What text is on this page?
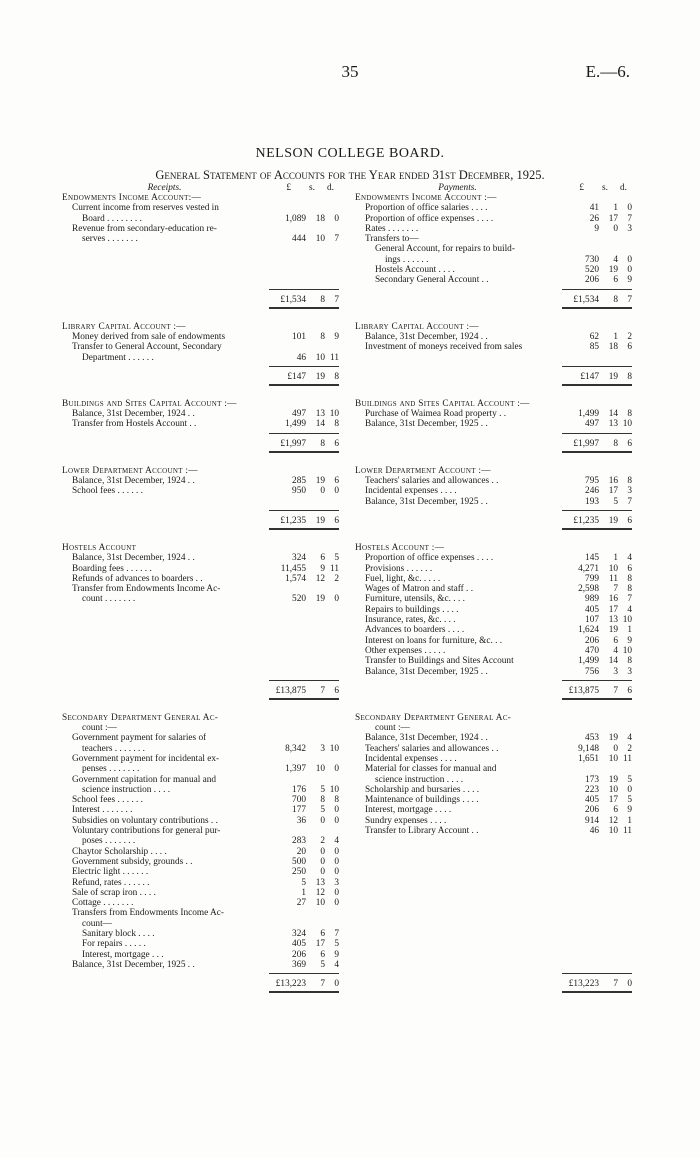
35	E.—6.
NELSON COLLEGE BOARD.
General Statement of Accounts for the Year ended 31st December, 1925.
Receipts.	£ s.	d.
Endowments Income Account:—
Current income from reserves vested in
Board . . . . . . . .	1,089	18	0
Revenue from secondary-education re-
serves . . . . . . .	444	10	7
£1,534	8	7
Library Capital Account :—
Money derived from sale of endowments	101	8	9
Transfer to General Account, Secondary
Department . . . . . .	46	10 11
£147	19	8
Buildings and Sites Capital Account :—
Balance, 31st December, 1924 . .	497	13 10
Transfer from Hostels Account . .	1,499	14	8
£1,997	8	6
Lower Department Account :—
Balance, 31st December, 1924 . .	285	19	6
School fees . . . . . .	950	0	0
£1,235	19	6
Hostels Account
Balance, 31st December, 1924 . .	324	6	5
Boarding fees . . . . . .	11,455	9 11
Refunds of advances to boarders . .	1,574	12	2
Transfer from Endowments Income Ac-
count . . . . . . .	520	19	0
£13,875	7	6
Secondary Department General Ac-
count :—
Government payment for salaries of
teachers . . . . . . .	8,342	3 10
Government payment for incidental ex-
penses . . . . . . .	1,397	10	0
Government capitation for manual and
science instruction . . . .	176	5 10
School fees . . . . . .	700	8	8
Interest . . . . . . .	177	5	0
Subsidies on voluntary contributions . .	36	0	0
Voluntary contributions for general pur-
poses . . . . . . .	283	2	4
Chaytor Scholarship . . . .	20	0	0
Government subsidy, grounds . .	500	0	0
Electric light . . . . . .	250	0	0
Refund, rates . . . . . .	5	13	3
Sale of scrap iron . . . .	1	12	0
Cottage . . . . . . .	27	10	0
Transfers from Endowments Income Ac-
count—
Sanitary block . . . .	324	6	7
For repairs . . . . .	405	17	5
Interest, mortgage . . .	206	6	9
Balance, 31st December, 1925 . .	369	5	4
£13,223	7	0
Payments.	£ s.	d.
Endowments Income Account :—
Proportion of office salaries . . . .	41	1	0
Proportion of office expenses . . . .	26	17	7
Rates . . . . . . .	9	0	3
Transfers to—
General Account, for repairs to build-
ings . . . . . .	730	4	0
Hostels Account . . . .	520	19	0
Secondary General Account . .	206	6	9
£1,534	8	7
Library Capital Account :—
Balance, 31st December, 1924 . .	62	1	2
Investment of moneys received from sales	85	18	6
£147	19	8
Buildings and Sites Capital Account :—
Purchase of Waimea Road property . .	1,499	14	8
Balance, 31st December, 1925 . .	497	13 10
£1,997	8	6
Lower Department Account :—
Teachers' salaries and allowances . .	795	16	8
Incidental expenses . . . .	246	17	3
Balance, 31st December, 1925 . .	193	5	7
£1,235	19	6
Hostels Account :—
Proportion of office expenses . . . .	145	1	4
Provisions . . . . . .	4,271	10	6
Fuel, light, &c. . . . .	799	11	8
Wages of Matron and staff . .	2,598	7	8
Furniture, utensils, &c. . . .	989	16	7
Repairs to buildings . . . .	405	17	4
Insurance, rates, &c. . . .	107	13 10
Advances to boarders . . . .	1,624	19	1
Interest on loans for furniture, &c. . .	206	6	9
Other expenses . . . . .	470	4 10
Transfer to Buildings and Sites Account	1,499	14	8
Balance, 31st December, 1925 . .	756	3	3
£13,875	7	6
Secondary Department General Ac-
count :—
Balance, 31st December, 1924 . .	453	19	4
Teachers' salaries and allowances . .	9,148	0	2
Incidental expenses . . . .	1,651	10 11
Material for classes for manual and
science instruction . . . .	173	19	5
Scholarship and bursaries . . . .	223	10	0
Maintenance of buildings . . . .	405	17	5
Interest, mortgage . . . .	206	6	9
Sundry expenses . . . .	914	12	1
Transfer to Library Account . .	46	10 11
£13,223	7	0
